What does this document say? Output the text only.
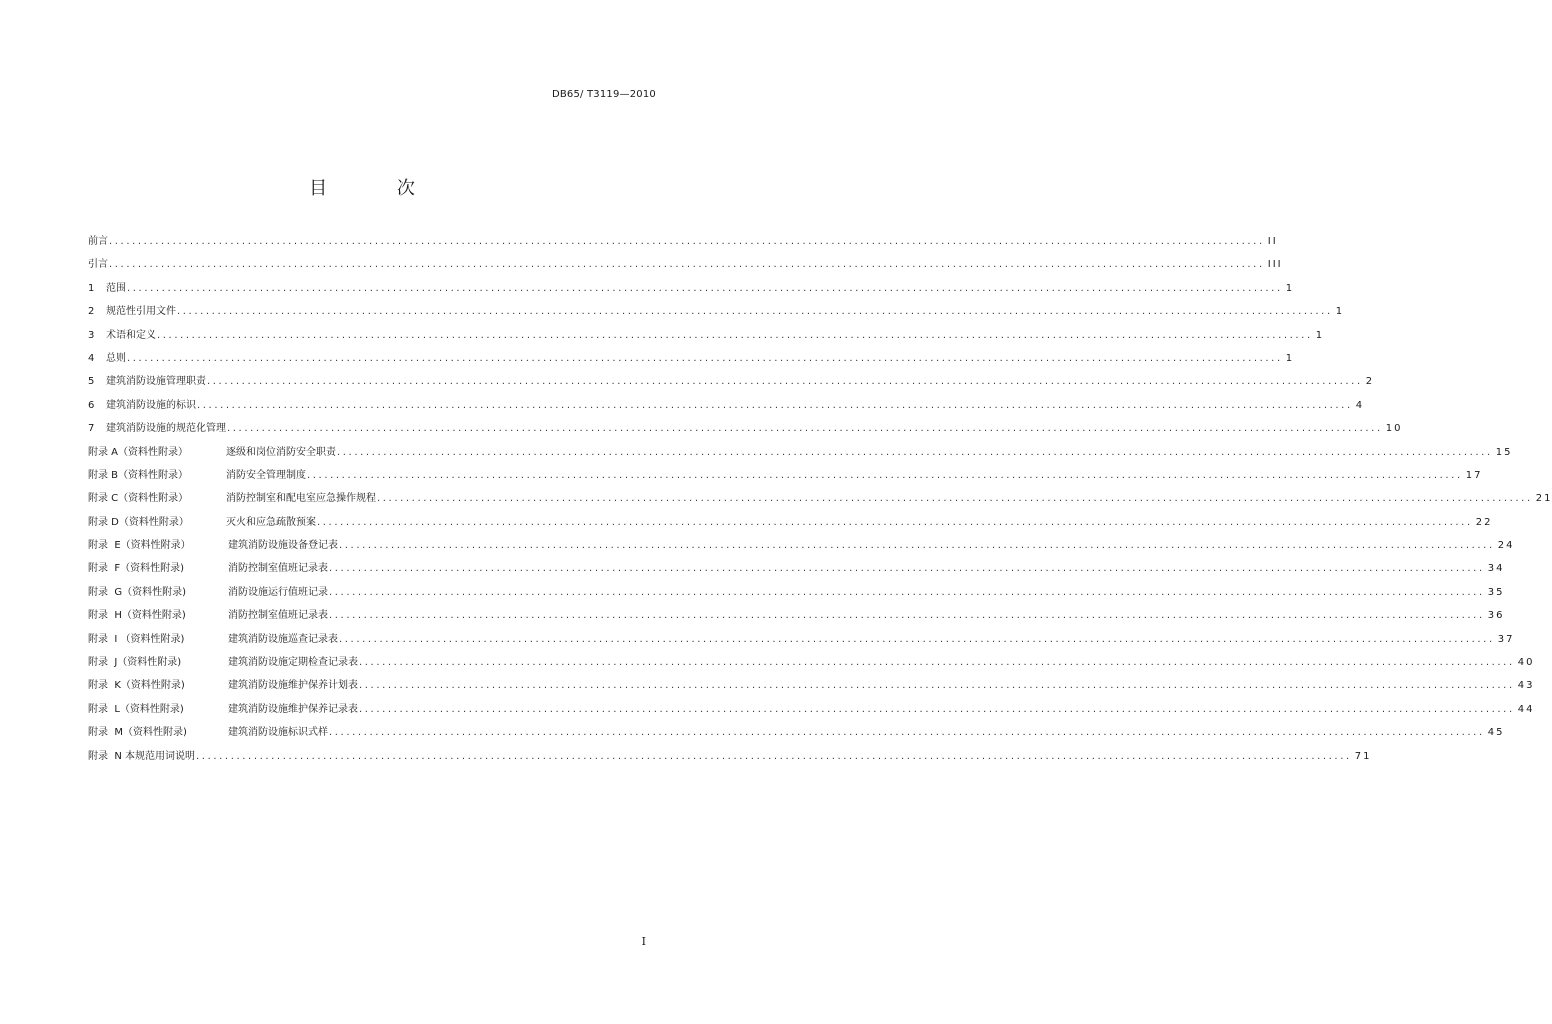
DB65/ T3119—2010
目 次
前言 ........................................................................................................................................................................................................ II
引言 ........................................................................................................................................................................................................ III
1	范围 ........................................................................................................................................................................................................ 1
2	规范性引用文件 ........................................................................................................................................................................................................ 1
3	术语和定义 ........................................................................................................................................................................................................ 1
4	总则 ........................................................................................................................................................................................................ 1
5	建筑消防设施管理职责 ........................................................................................................................................................................................................ 2
6	建筑消防设施的标识 ........................................................................................................................................................................................................ 4
7	建筑消防设施的规范化管理 ........................................................................................................................................................................................................ 10
附录 A（资料性附录）	逐级和岗位消防安全职责 ........................................................................................................................................................................................................ 15
附录 B（资料性附录）	消防安全管理制度 ........................................................................................................................................................................................................ 17
附录 C（资料性附录）	消防控制室和配电室应急操作规程 ........................................................................................................................................................................................................ 21
附录 D（资料性附录）	灭火和应急疏散预案 ........................................................................................................................................................................................................ 22
附录  E（资料性附录）	建筑消防设施设备登记表 ........................................................................................................................................................................................................ 24
附录  F（资料性附录)	消防控制室值班记录表 ........................................................................................................................................................................................................ 34
附录  G（资料性附录)	消防设施运行值班记录 ........................................................................................................................................................................................................ 35
附录  H（资料性附录)	消防控制室值班记录表 ........................................................................................................................................................................................................ 36
附录  I （资料性附录)	建筑消防设施巡查记录表 ........................................................................................................................................................................................................ 37
附录  J（资料性附录)	建筑消防设施定期检查记录表 ........................................................................................................................................................................................................ 40
附录  K（资料性附录)	建筑消防设施维护保养计划表 ........................................................................................................................................................................................................ 43
附录  L（资料性附录)	建筑消防设施维护保养记录表 ........................................................................................................................................................................................................ 44
附录  M（资料性附录)	建筑消防设施标识式样 ........................................................................................................................................................................................................ 45
附录  N 本规范用词说明 ........................................................................................................................................................................................................ 71
I
